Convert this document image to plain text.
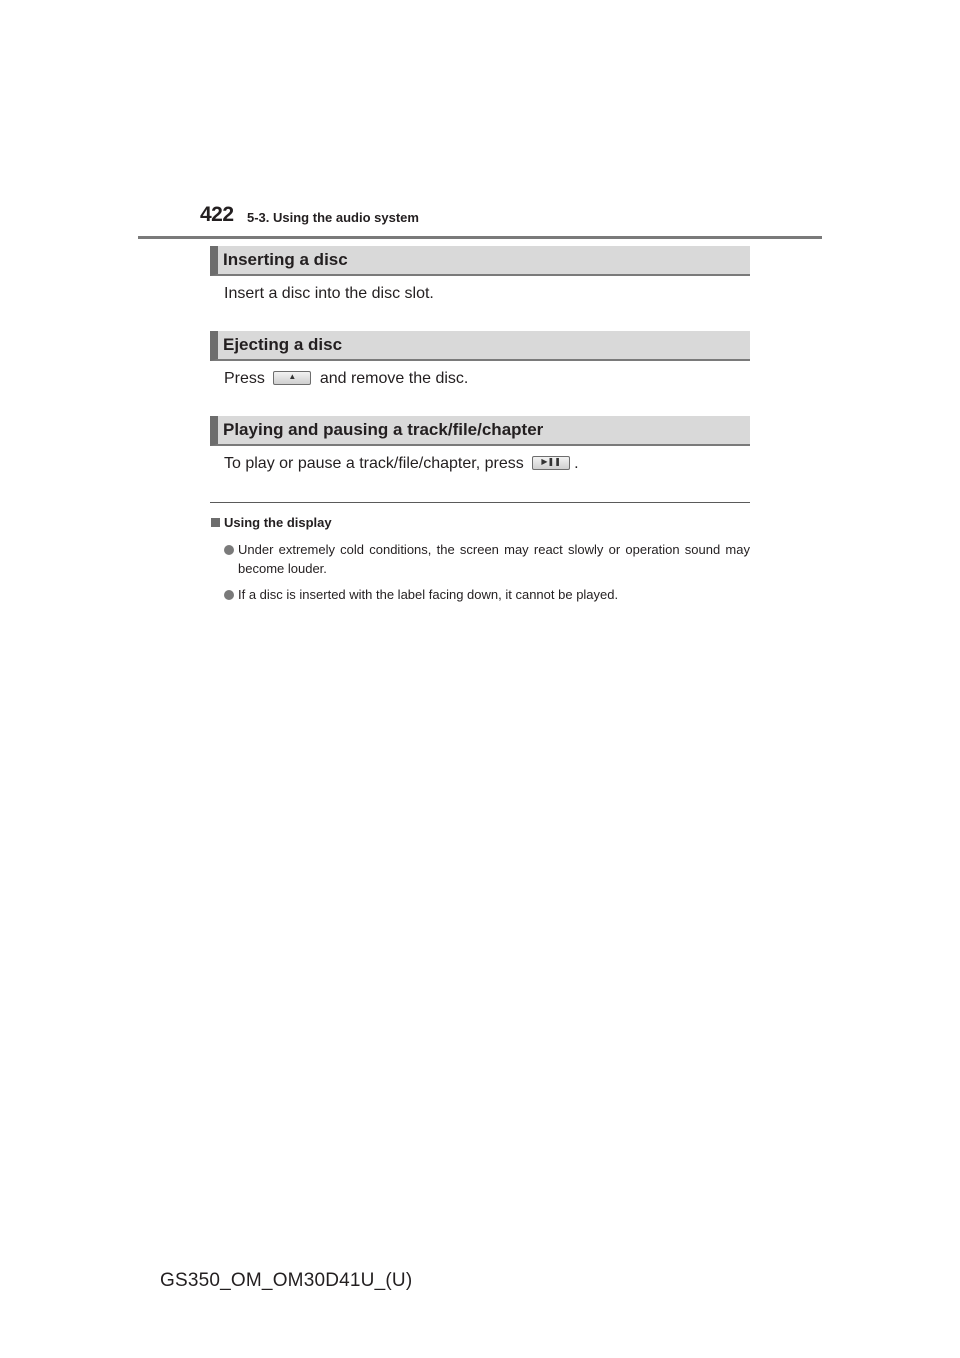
422 5-3. Using the audio system
Inserting a disc
Insert a disc into the disc slot.
Ejecting a disc
Press	▲	and remove the disc.
Playing and pausing a track/file/chapter
To play or pause a track/file/chapter, press	▶❚❚ .
Using the display
Under extremely cold conditions, the screen may react slowly or operation sound may become louder.
If a disc is inserted with the label facing down, it cannot be played.
GS350_OM_OM30D41U_(U)
